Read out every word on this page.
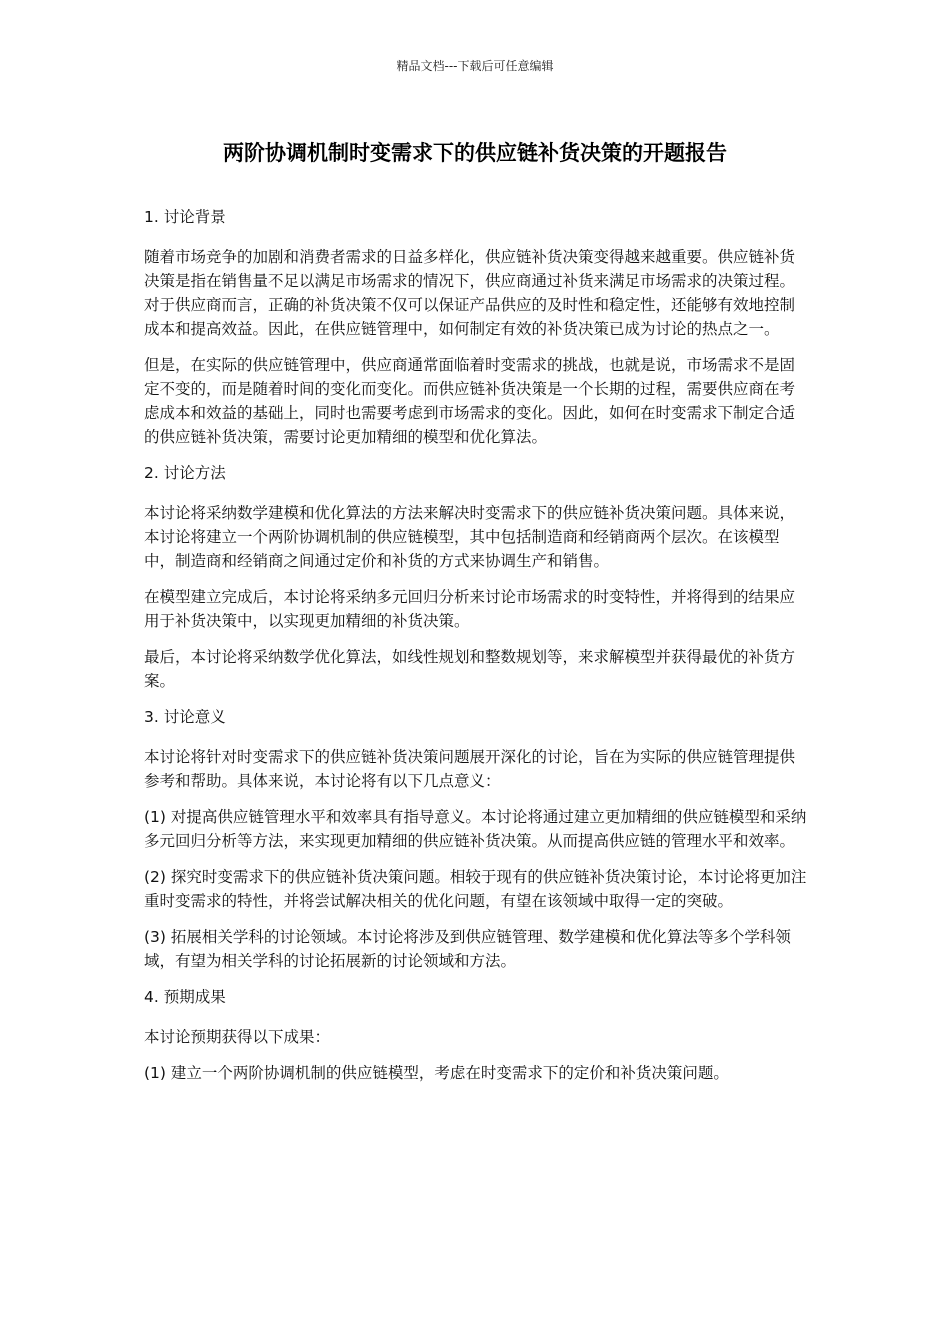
精品文档---下载后可任意编辑
两阶协调机制时变需求下的供应链补货决策的开题报告

1. 讨论背景

随着市场竞争的加剧和消费者需求的日益多样化，供应链补货决策变得越来越重要。供应链补货决策是指在销售量不足以满足市场需求的情况下，供应商通过补货来满足市场需求的决策过程。对于供应商而言，正确的补货决策不仅可以保证产品供应的及时性和稳定性，还能够有效地控制成本和提高效益。因此，在供应链管理中，如何制定有效的补货决策已成为讨论的热点之一。

但是，在实际的供应链管理中，供应商通常面临着时变需求的挑战，也就是说，市场需求不是固定不变的，而是随着时间的变化而变化。而供应链补货决策是一个长期的过程，需要供应商在考虑成本和效益的基础上，同时也需要考虑到市场需求的变化。因此，如何在时变需求下制定合适的供应链补货决策，需要讨论更加精细的模型和优化算法。

2. 讨论方法

本讨论将采纳数学建模和优化算法的方法来解决时变需求下的供应链补货决策问题。具体来说，本讨论将建立一个两阶协调机制的供应链模型，其中包括制造商和经销商两个层次。在该模型中，制造商和经销商之间通过定价和补货的方式来协调生产和销售。

在模型建立完成后，本讨论将采纳多元回归分析来讨论市场需求的时变特性，并将得到的结果应用于补货决策中，以实现更加精细的补货决策。

最后，本讨论将采纳数学优化算法，如线性规划和整数规划等，来求解模型并获得最优的补货方案。

3. 讨论意义

本讨论将针对时变需求下的供应链补货决策问题展开深化的讨论，旨在为实际的供应链管理提供参考和帮助。具体来说，本讨论将有以下几点意义：

(1) 对提高供应链管理水平和效率具有指导意义。本讨论将通过建立更加精细的供应链模型和采纳多元回归分析等方法，来实现更加精细的供应链补货决策。从而提高供应链的管理水平和效率。

(2) 探究时变需求下的供应链补货决策问题。相较于现有的供应链补货决策讨论，本讨论将更加注重时变需求的特性，并将尝试解决相关的优化问题，有望在该领域中取得一定的突破。

(3) 拓展相关学科的讨论领域。本讨论将涉及到供应链管理、数学建模和优化算法等多个学科领域，有望为相关学科的讨论拓展新的讨论领域和方法。

4. 预期成果

本讨论预期获得以下成果：

(1) 建立一个两阶协调机制的供应链模型，考虑在时变需求下的定价和补货决策问题。
